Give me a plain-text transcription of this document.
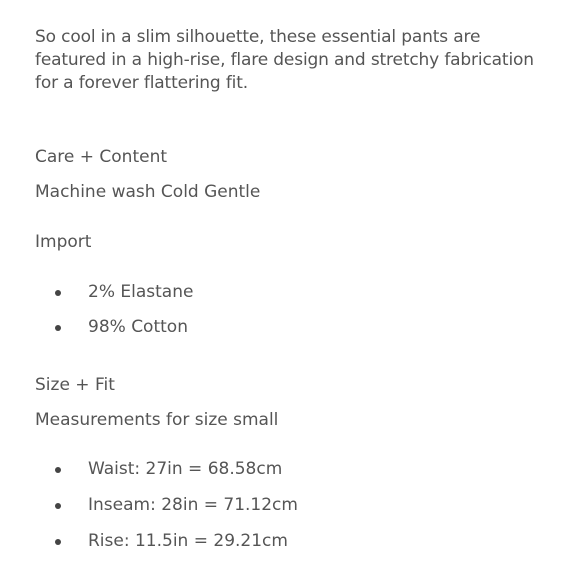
So cool in a slim silhouette, these essential pants are
featured in a high-rise, flare design and stretchy fabrication
for a forever flattering fit.
Care + Content
Machine wash Cold Gentle
Import
2% Elastane
98% Cotton
Size + Fit
Measurements for size small
Waist: 27in = 68.58cm
Inseam: 28in = 71.12cm
Rise: 11.5in = 29.21cm
